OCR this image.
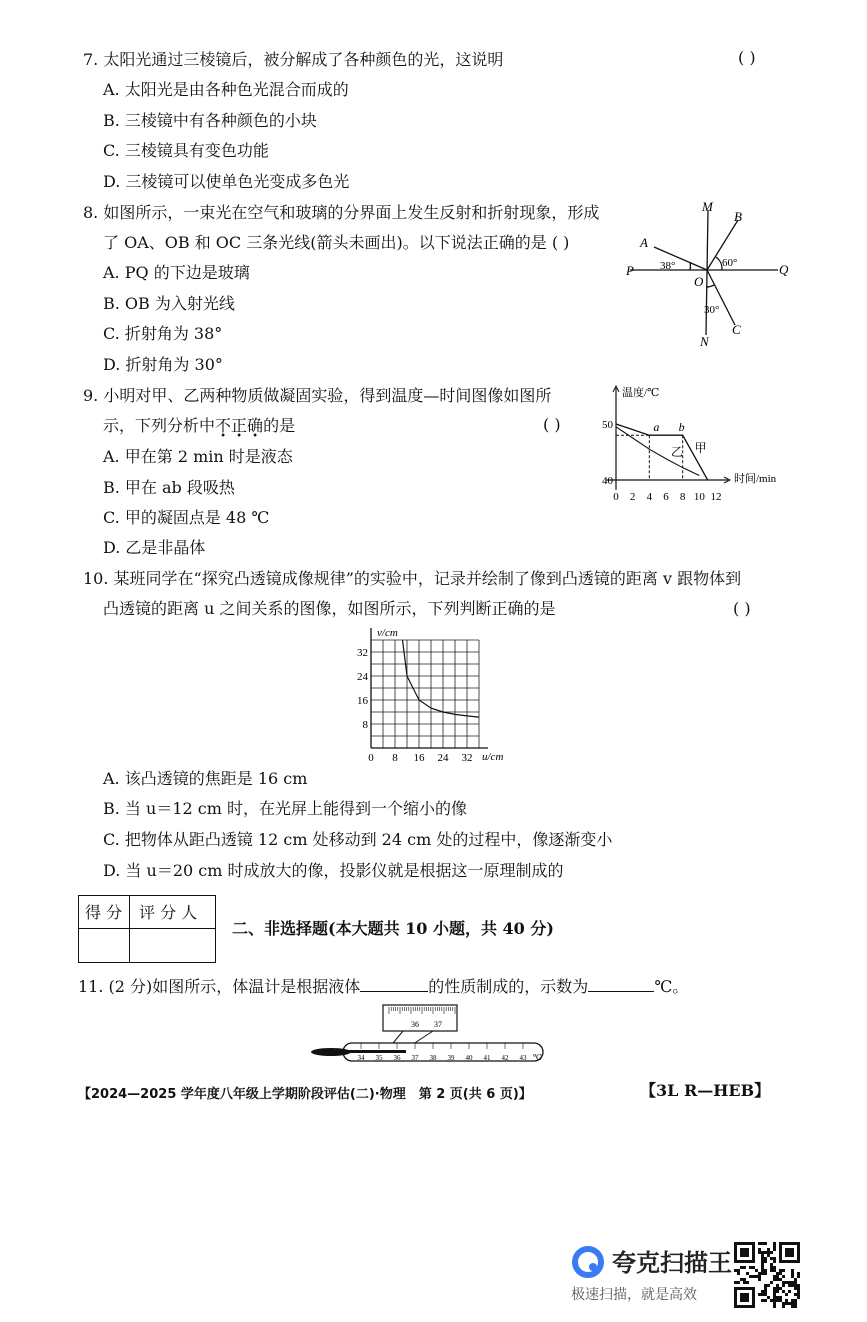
7. 太阳光通过三棱镜后，被分解成了各种颜色的光，这说明	( )
A. 太阳光是由各种色光混合而成的
B. 三棱镜中有各种颜色的小块
C. 三棱镜具有变色功能
D. 三棱镜可以使单色光变成多色光
8. 如图所示，一束光在空气和玻璃的分界面上发生反射和折射现象，形成
了 OA、OB 和 OC 三条光线(箭头未画出)。以下说法正确的是 ( )
A. PQ 的下边是玻璃
B. OB 为入射光线
C. 折射角为 38°
D. 折射角为 30°
M
B
A
P	Q
O
N
C
38°	60°
30°
9. 小明对甲、乙两种物质做凝固实验，得到温度—时间图像如图所
示，下列分析中不正确的是	( )
A. 甲在第 2 min 时是液态
B. 甲在 ab 段吸热
C. 甲的凝固点是 48 ℃
D. 乙是非晶体
温度/℃
时间/min
0 2 4 6 8 10 12
50
40
a b
甲
乙
10. 某班同学在“探究凸透镜成像规律”的实验中，记录并绘制了像到凸透镜的距离 v 跟物体到
凸透镜的距离 u 之间关系的图像，如图所示，下列判断正确的是	( )
v/cm
u/cm
0 8 16 24 32
8
16
24
32
A. 该凸透镜的焦距是 16 cm
B. 当 u＝12 cm 时，在光屏上能得到一个缩小的像
C. 把物体从距凸透镜 12 cm 处移动到 24 cm 处的过程中，像逐渐变小
D. 当 u＝20 cm 时成放大的像，投影仪就是根据这一原理制成的
得 分 评 分 人
二、非选择题(本大题共 10 小题，共 40 分)
11. (2 分)如图所示，体温计是根据液体	的性质制成的，示数为	℃。
36 37
34 35 36 37 38 39 40 41 42 43 ℃
【2024—2025 学年度八年级上学期阶段评估(二)·物理　第 2 页(共 6 页)】	【3L R—HEB】
夸克扫描王
极速扫描，就是高效
